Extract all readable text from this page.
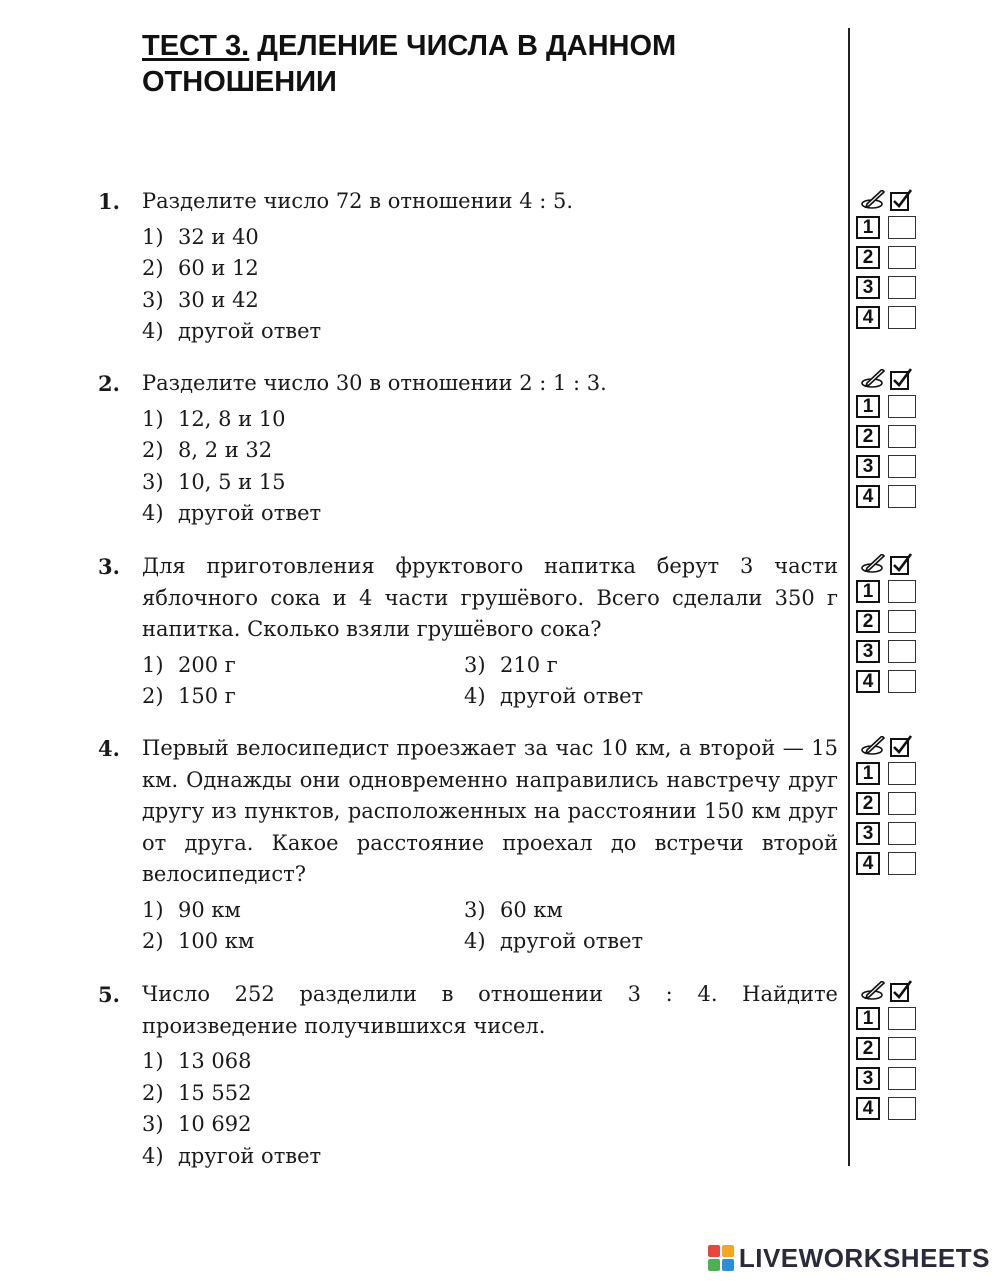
ТЕСТ 3. ДЕЛЕНИЕ ЧИСЛА В ДАННОМ ОТНОШЕНИИ
1. Разделите число 72 в отношении 4 : 5.
1) 32 и 40
2) 60 и 12
3) 30 и 42
4) другой ответ
2. Разделите число 30 в отношении 2 : 1 : 3.
1) 12, 8 и 10
2) 8, 2 и 32
3) 10, 5 и 15
4) другой ответ
3. Для приготовления фруктового напитка берут 3 части яблочного сока и 4 части грушёвого. Всего сделали 350 г напитка. Сколько взяли грушёвого сока?
1) 200 г	3) 210 г
2) 150 г	4) другой ответ
4. Первый велосипедист проезжает за час 10 км, а второй — 15 км. Однажды они одновременно направились навстречу друг другу из пунктов, расположенных на расстоянии 150 км друг от друга. Какое расстояние проехал до встречи второй велосипедист?
1) 90 км	3) 60 км
2) 100 км	4) другой ответ
5. Число 252 разделили в отношении 3 : 4. Найдите произведение получившихся чисел.
1) 13 068
2) 15 552
3) 10 692
4) другой ответ
1
2
3
4
1
2
3
4
1
2
3
4
1
2
3
4
1
2
3
4
LIVEWORKSHEETS
